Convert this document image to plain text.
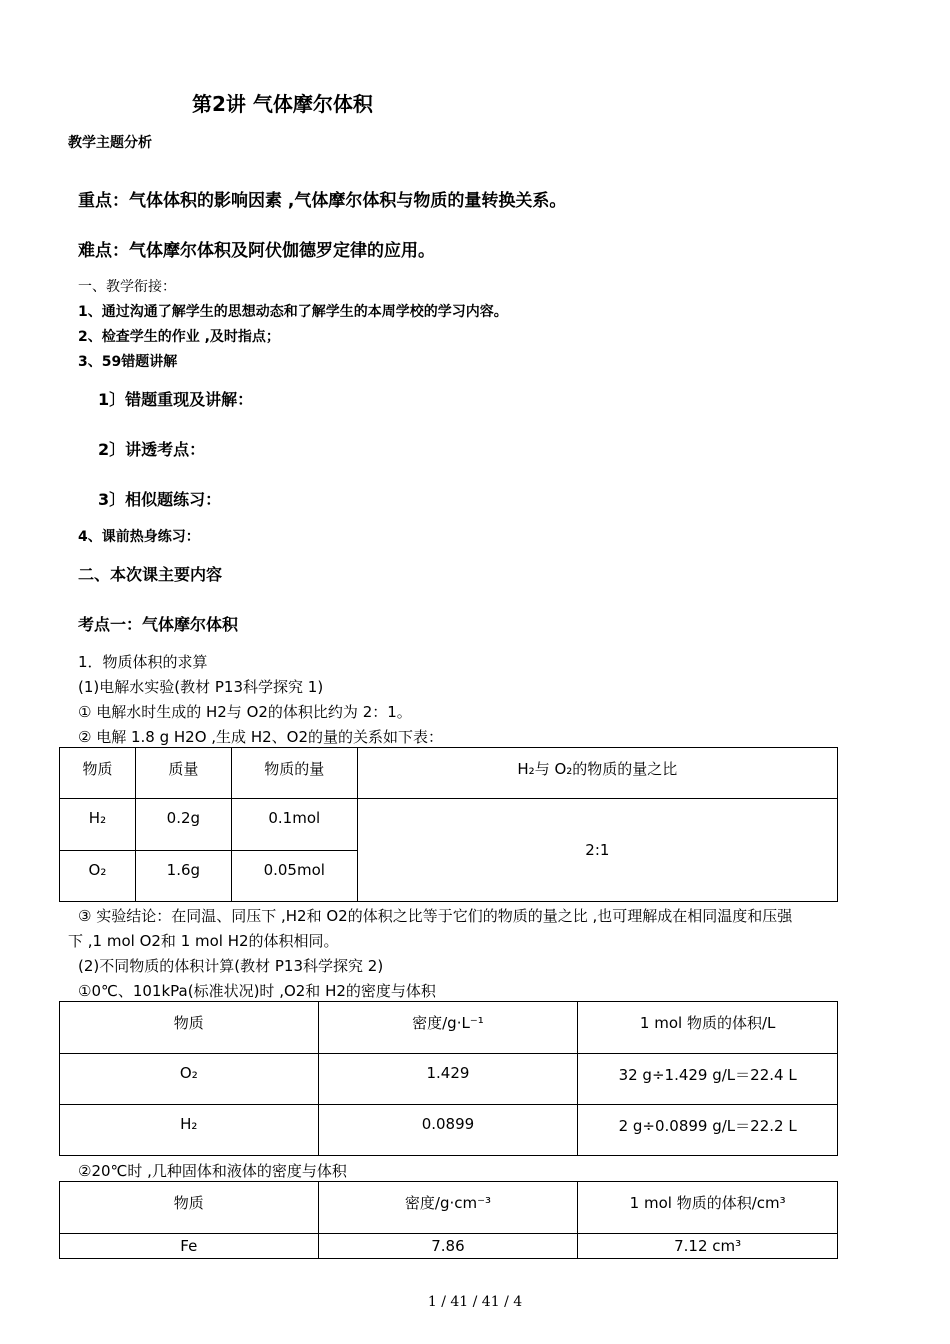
第2讲 气体摩尔体积
教学主题分析
重点：气体体积的影响因素 ,气体摩尔体积与物质的量转换关系。
难点：气体摩尔体积及阿伏伽德罗定律的应用。
一、教学衔接：
1、通过沟通了解学生的思想动态和了解学生的本周学校的学习内容。
2、检查学生的作业 ,及时指点；
3、59错题讲解
1〕错题重现及讲解：
2〕讲透考点：
3〕相似题练习：
4、课前热身练习：
二、本次课主要内容
考点一：气体摩尔体积
1．物质体积的求算
(1)电解水实验(教材 P13科学探究 1)
① 电解水时生成的 H2与 O2的体积比约为 2：1。
② 电解 1.8 g H2O ,生成 H2、O2的量的关系如下表：
物质	质量	物质的量	H₂与 O₂的物质的量之比
H₂	0.2g	0.1mol	2:1
O₂	1.6g	0.05mol	
③ 实验结论：在同温、同压下 ,H2和 O2的体积之比等于它们的物质的量之比 ,也可理解成在相同温度和压强
下 ,1 mol O2和 1 mol H2的体积相同。
(2)不同物质的体积计算(教材 P13科学探究 2)
①0℃、101kPa(标准状况)时 ,O2和 H2的密度与体积
物质	密度/g·L⁻¹	1 mol 物质的体积/L
O₂	1.429	32 g÷1.429 g/L＝22.4 L
H₂	0.0899	2 g÷0.0899 g/L＝22.2 L
②20℃时 ,几种固体和液体的密度与体积
物质	密度/g·cm⁻³	1 mol 物质的体积/cm³
Fe	7.86	7.12 cm³
1 / 41 / 41 / 4
